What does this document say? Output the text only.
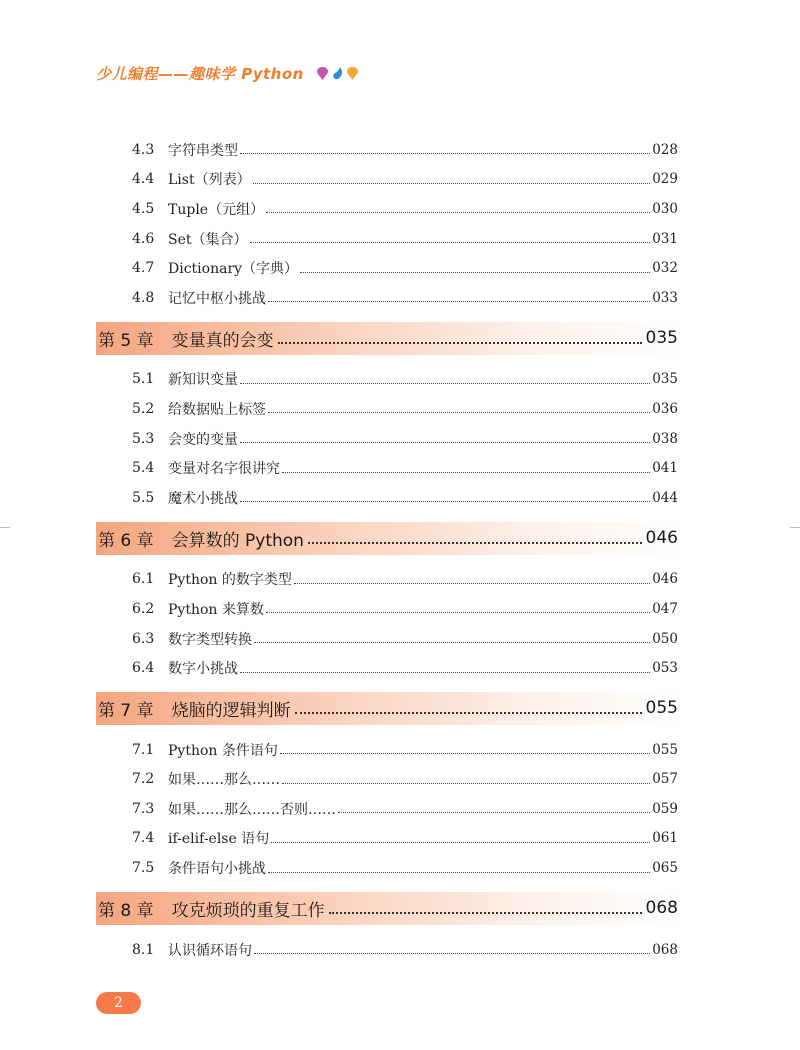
少儿编程——趣味学 Python
4.3 字符串类型	028
4.4 List（列表）	029
4.5 Tuple（元组）	030
4.6 Set（集合）	031
4.7 Dictionary（字典）	032
4.8 记忆中枢小挑战	033
第 5 章 变量真的会变	035
5.1 新知识变量	035
5.2 给数据贴上标签	036
5.3 会变的变量	038
5.4 变量对名字很讲究	041
5.5 魔术小挑战	044
第 6 章 会算数的 Python	046
6.1 Python 的数字类型	046
6.2 Python 来算数	047
6.3 数字类型转换	050
6.4 数字小挑战	053
第 7 章 烧脑的逻辑判断	055
7.1 Python 条件语句	055
7.2 如果……那么……	057
7.3 如果……那么……否则……	059
7.4 if-elif-else 语句	061
7.5 条件语句小挑战	065
第 8 章 攻克烦琐的重复工作	068
8.1 认识循环语句	068
2
